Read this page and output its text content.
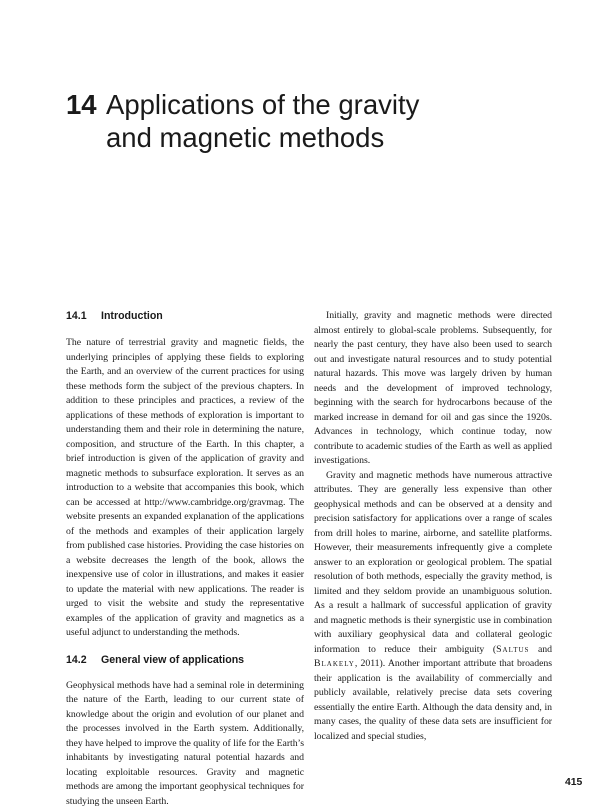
14 Applications of the gravity
and magnetic methods
14.1 Introduction

The nature of terrestrial gravity and magnetic fields, the underlying principles of applying these fields to exploring the Earth, and an overview of the current practices for using these methods form the subject of the previous chapters. In addition to these principles and practices, a review of the applications of these methods of exploration is important to understanding them and their role in determining the nature, composition, and structure of the Earth. In this chapter, a brief introduction is given of the application of gravity and magnetic methods to subsurface exploration. It serves as an introduction to a website that accompanies this book, which can be accessed at http://www.cambridge.org/gravmag. The website presents an expanded explanation of the applications of the methods and examples of their application largely from published case histories. Providing the case histories on a website decreases the length of the book, allows the inexpensive use of color in illustrations, and makes it easier to update the material with new applications. The reader is urged to visit the website and study the representative examples of the application of gravity and magnetics as a useful adjunct to understanding the methods.

14.2 General view of applications

Geophysical methods have had a seminal role in determining the nature of the Earth, leading to our current state of knowledge about the origin and evolution of our planet and the processes involved in the Earth system. Additionally, they have helped to improve the quality of life for the Earth’s inhabitants by investigating natural potential hazards and locating exploitable resources. Gravity and magnetic methods are among the important geophysical techniques for studying the unseen Earth.

Initially, gravity and magnetic methods were directed almost entirely to global-scale problems. Subsequently, for nearly the past century, they have also been used to search out and investigate natural resources and to study potential natural hazards. This move was largely driven by human needs and the development of improved technology, beginning with the search for hydrocarbons because of the marked increase in demand for oil and gas since the 1920s. Advances in technology, which continue today, now contribute to academic studies of the Earth as well as applied investigations.

Gravity and magnetic methods have numerous attractive attributes. They are generally less expensive than other geophysical methods and can be observed at a density and precision satisfactory for applications over a range of scales from drill holes to marine, airborne, and satellite platforms. However, their measurements infrequently give a complete answer to an exploration or geological problem. The spatial resolution of both methods, especially the gravity method, is limited and they seldom provide an unambiguous solution. As a result a hallmark of successful application of gravity and magnetic methods is their synergistic use in combination with auxiliary geophysical data and collateral geologic information to reduce their ambiguity (Saltus and Blakely, 2011). Another important attribute that broadens their application is the availability of commercially and publicly available, relatively precise data sets covering essentially the entire Earth. Although the data density and, in many cases, the quality of these data sets are insufficient for localized and special studies,

415
